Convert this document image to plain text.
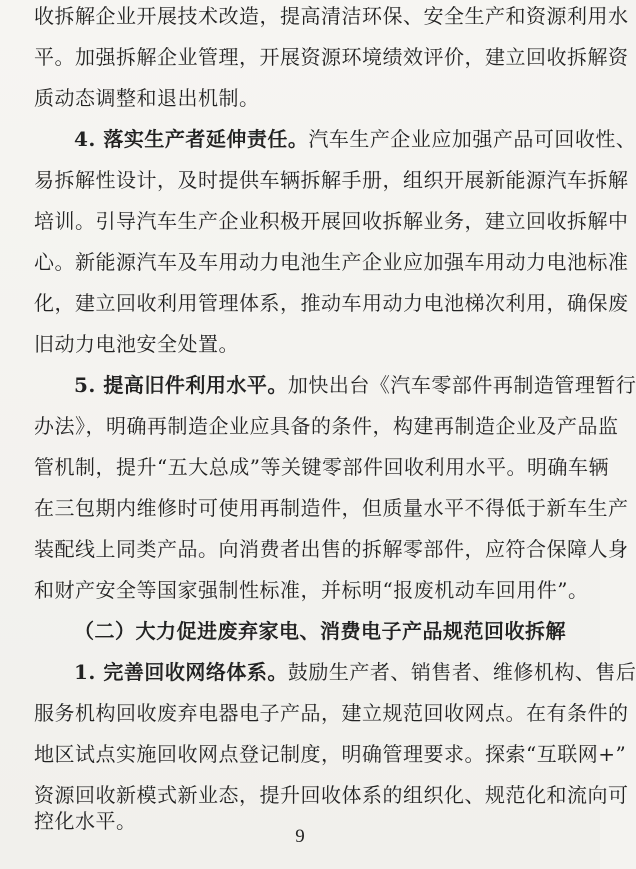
收拆解企业开展技术改造，提高清洁环保、安全生产和资源利用水
平。加强拆解企业管理，开展资源环境绩效评价，建立回收拆解资
质动态调整和退出机制。
4. 落实生产者延伸责任。汽车生产企业应加强产品可回收性、
易拆解性设计，及时提供车辆拆解手册，组织开展新能源汽车拆解
培训。引导汽车生产企业积极开展回收拆解业务，建立回收拆解中
心。新能源汽车及车用动力电池生产企业应加强车用动力电池标准
化，建立回收利用管理体系，推动车用动力电池梯次利用，确保废
旧动力电池安全处置。
5. 提高旧件利用水平。加快出台《汽车零部件再制造管理暂行
办法》，明确再制造企业应具备的条件，构建再制造企业及产品监
管机制，提升“五大总成”等关键零部件回收利用水平。明确车辆
在三包期内维修时可使用再制造件，但质量水平不得低于新车生产
装配线上同类产品。向消费者出售的拆解零部件，应符合保障人身
和财产安全等国家强制性标准，并标明“报废机动车回用件”。
（二）大力促进废弃家电、消费电子产品规范回收拆解
1. 完善回收网络体系。鼓励生产者、销售者、维修机构、售后
服务机构回收废弃电器电子产品，建立规范回收网点。在有条件的
地区试点实施回收网点登记制度，明确管理要求。探索“互联网+”
资源回收新模式新业态，提升回收体系的组织化、规范化和流向可
控化水平。
9
